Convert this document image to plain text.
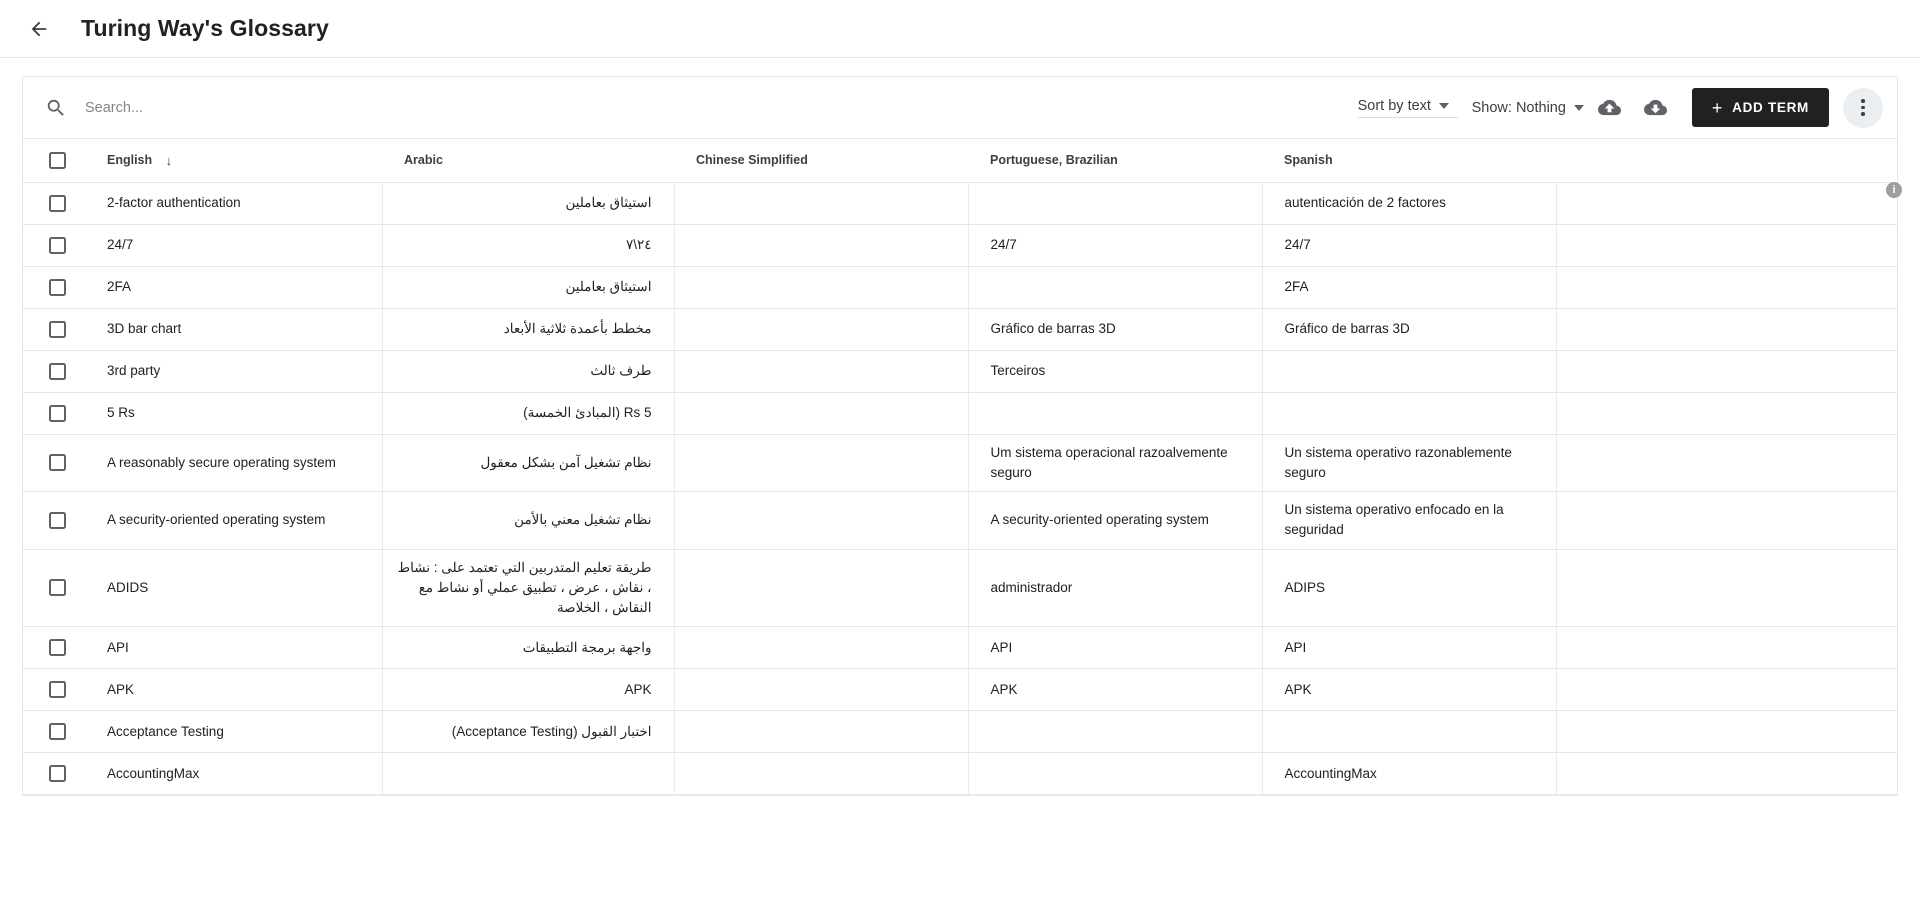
Turing Way's Glossary
Search...
Sort by text	Show: Nothing	+ ADD TERM
	English ↓	Arabic	Chinese Simplified	Portuguese, Brazilian	Spanish	

	2-factor authentication	استيثاق بعاملين			autenticación de 2 factores	

	24/7	٢٤\٧		24/7	24/7	

	2FA	استيثاق بعاملين			2FA	

	3D bar chart	مخطط بأعمدة ثلاثية الأبعاد		Gráfico de barras 3D	Gráfico de barras 3D	

	3rd party	طرف ثالث		Terceiros		

	5 Rs	5 Rs (المبادئ الخمسة)				

	A reasonably secure operating system	نظام تشغيل آمن بشكل معقول		Um sistema operacional razoalvemente seguro	Un sistema operativo razonablemente seguro	

	A security-oriented operating system	نظام تشغيل معني بالأمن		A security-oriented operating system	Un sistema operativo enfocado en la seguridad	

	ADIDS	طريقة تعليم المتدربين التي تعتمد على : نشاط ، نقاش ، عرض ، تطبيق عملي أو نشاط مع النقاش ، الخلاصة		administrador	ADIPS	

	API	واجهة برمجة التطبيقات		API	API	

	APK	APK		APK	APK	

	Acceptance Testing	اختبار القبول (Acceptance Testing)				

	AccountingMax				AccountingMax	
i
